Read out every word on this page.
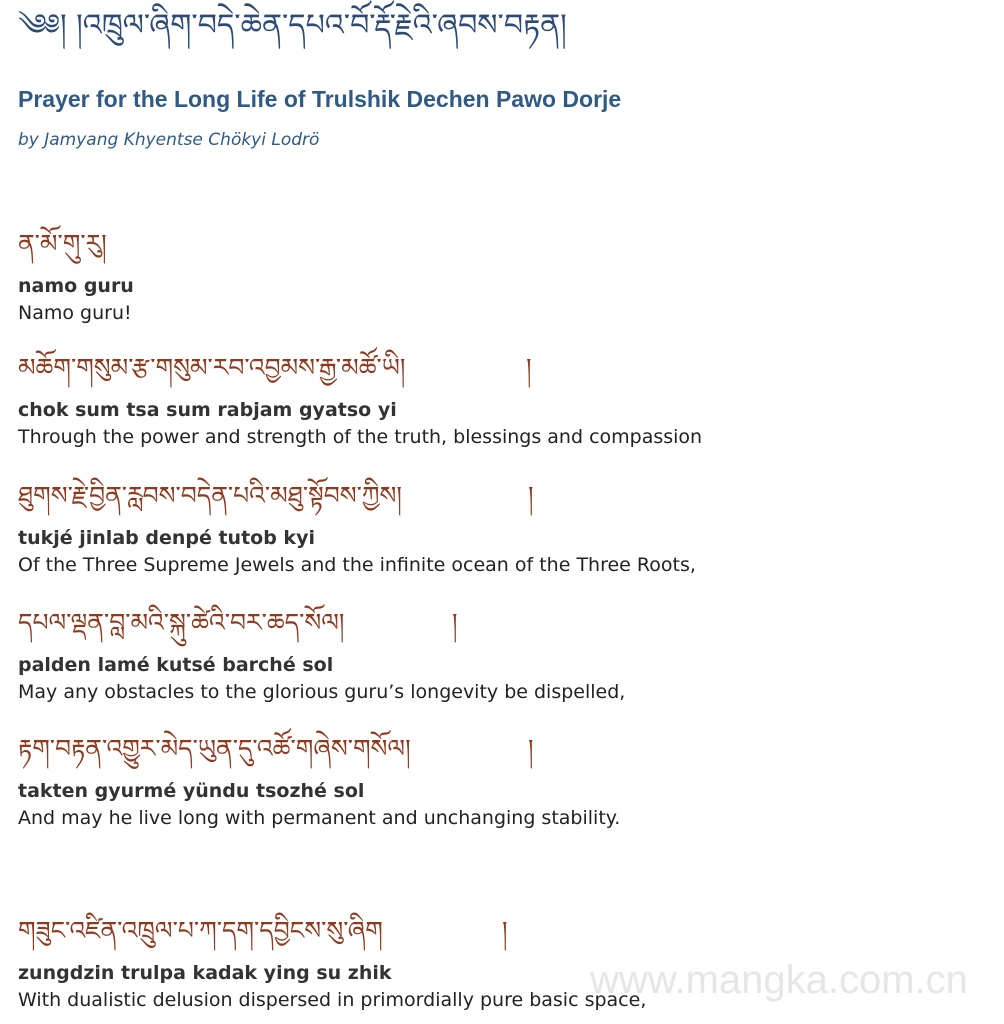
༄༅། །འཁྲུལ་ཞིག་བདེ་ཆེན་དཔའ་བོ་རྡོ་རྗེའི་ཞབས་བརྟན།
Prayer for the Long Life of Trulshik Dechen Pawo Dorje
by Jamyang Khyentse Chökyi Lodrö
ན་མོ་གུ་རུ།
namo guru
Namo guru!
མཆོག་གསུམ་རྩ་གསུམ་རབ་འབྱམས་རྒྱ་མཚོ་ཡི།	།
chok sum tsa sum rabjam gyatso yi
Through the power and strength of the truth, blessings and compassion
ཐུགས་རྗེ་བྱིན་རླབས་བདེན་པའི་མཐུ་སྟོབས་ཀྱིས།	།
tukjé jinlab denpé tutob kyi
Of the Three Supreme Jewels and the infinite ocean of the Three Roots,
དཔལ་ལྡན་བླ་མའི་སྐུ་ཚེའི་བར་ཆད་སོལ།	།
palden lamé kutsé barché sol
May any obstacles to the glorious guru’s longevity be dispelled,
རྟག་བརྟན་འགྱུར་མེད་ཡུན་དུ་འཚོ་གཞེས་གསོལ།	།
takten gyurmé yündu tsozhé sol
And may he live long with permanent and unchanging stability.
གཟུང་འཛིན་འཁྲུལ་པ་ཀ་དག་དབྱིངས་སུ་ཞིག	།
zungdzin trulpa kadak ying su zhik
With dualistic delusion dispersed in primordially pure basic space,
www.mangka.com.cn
